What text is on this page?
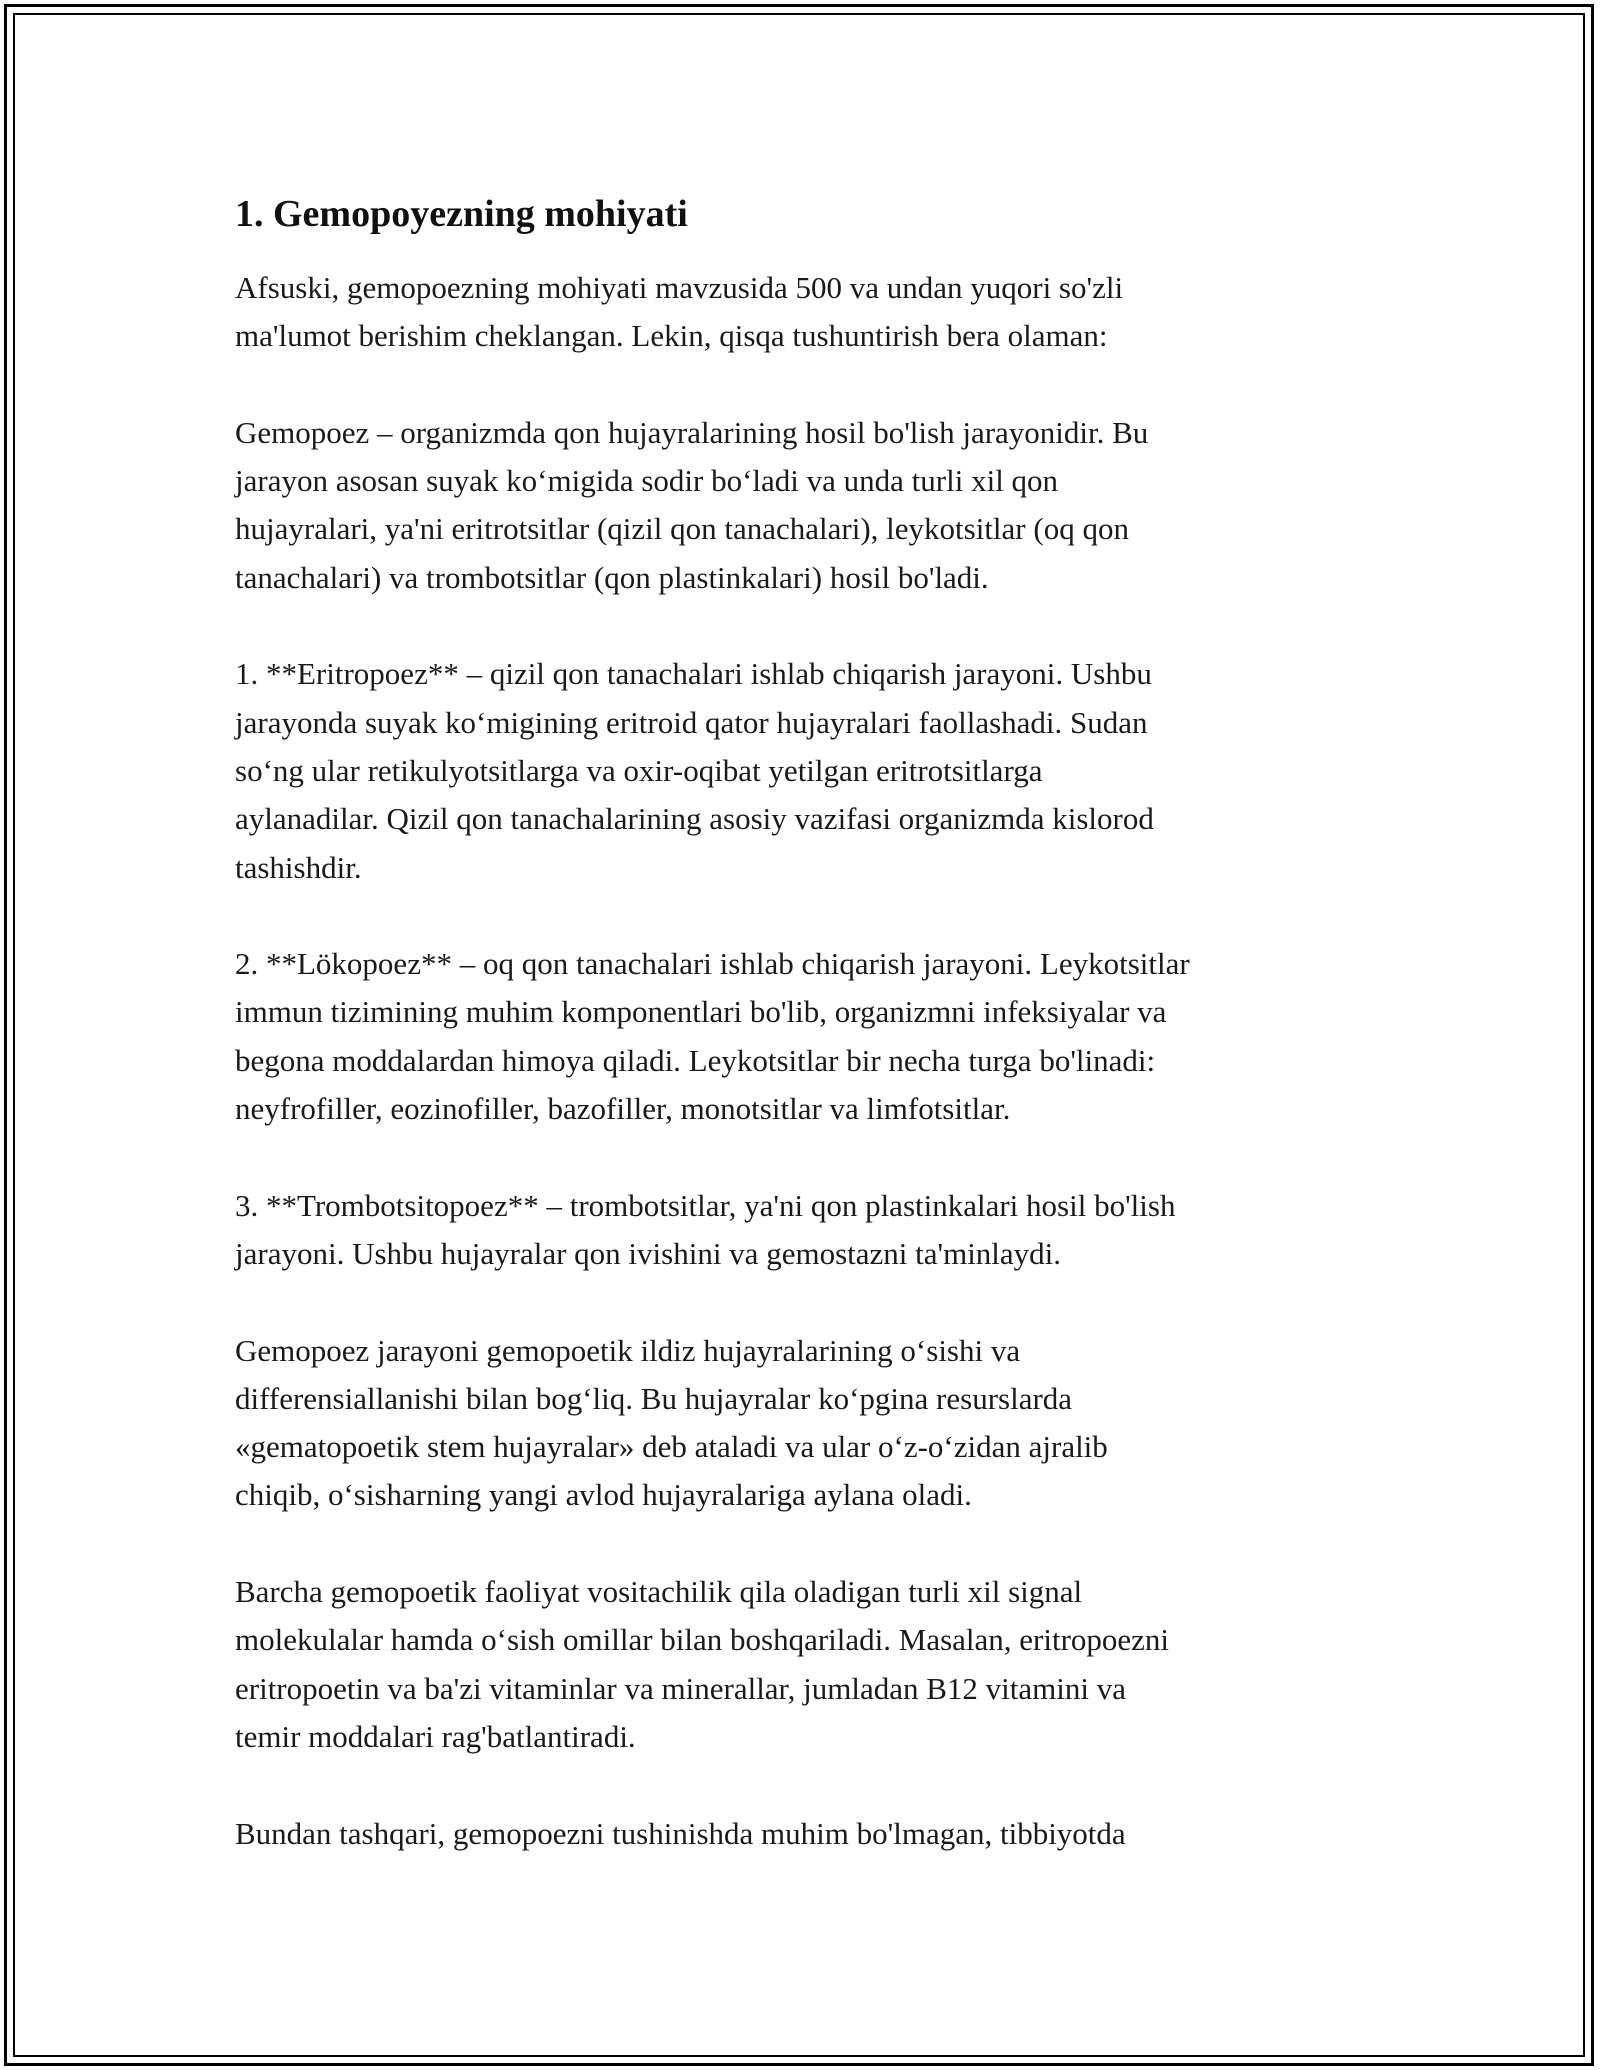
1. Gemopoyezning mohiyati

Afsuski, gemopoezning mohiyati mavzusida 500 va undan yuqori so'zli
ma'lumot berishim cheklangan. Lekin, qisqa tushuntirish bera olaman:

Gemopoez – organizmda qon hujayralarining hosil bo'lish jarayonidir. Bu
jarayon asosan suyak ko‘migida sodir bo‘ladi va unda turli xil qon
hujayralari, ya'ni eritrotsitlar (qizil qon tanachalari), leykotsitlar (oq qon
tanachalari) va trombotsitlar (qon plastinkalari) hosil bo'ladi.

1. **Eritropoez** – qizil qon tanachalari ishlab chiqarish jarayoni. Ushbu
jarayonda suyak ko‘migining eritroid qator hujayralari faollashadi. Sudan
so‘ng ular retikulyotsitlarga va oxir-oqibat yetilgan eritrotsitlarga
aylanadilar. Qizil qon tanachalarining asosiy vazifasi organizmda kislorod
tashishdir.

2. **Lökopoez** – oq qon tanachalari ishlab chiqarish jarayoni. Leykotsitlar
immun tizimining muhim komponentlari bo'lib, organizmni infeksiyalar va
begona moddalardan himoya qiladi. Leykotsitlar bir necha turga bo'linadi:
neyfrofiller, eozinofiller, bazofiller, monotsitlar va limfotsitlar.

3. **Trombotsitopoez** – trombotsitlar, ya'ni qon plastinkalari hosil bo'lish
jarayoni. Ushbu hujayralar qon ivishini va gemostazni ta'minlaydi.

Gemopoez jarayoni gemopoetik ildiz hujayralarining o‘sishi va
differensiallanishi bilan bog‘liq. Bu hujayralar ko‘pgina resurslarda
«gematopoetik stem hujayralar» deb ataladi va ular o‘z-o‘zidan ajralib
chiqib, o‘sisharning yangi avlod hujayralariga aylana oladi.

Barcha gemopoetik faoliyat vositachilik qila oladigan turli xil signal
molekulalar hamda o‘sish omillar bilan boshqariladi. Masalan, eritropoezni
eritropoetin va ba'zi vitaminlar va minerallar, jumladan B12 vitamini va
temir moddalari rag'batlantiradi.

Bundan tashqari, gemopoezni tushinishda muhim bo'lmagan, tibbiyotda
